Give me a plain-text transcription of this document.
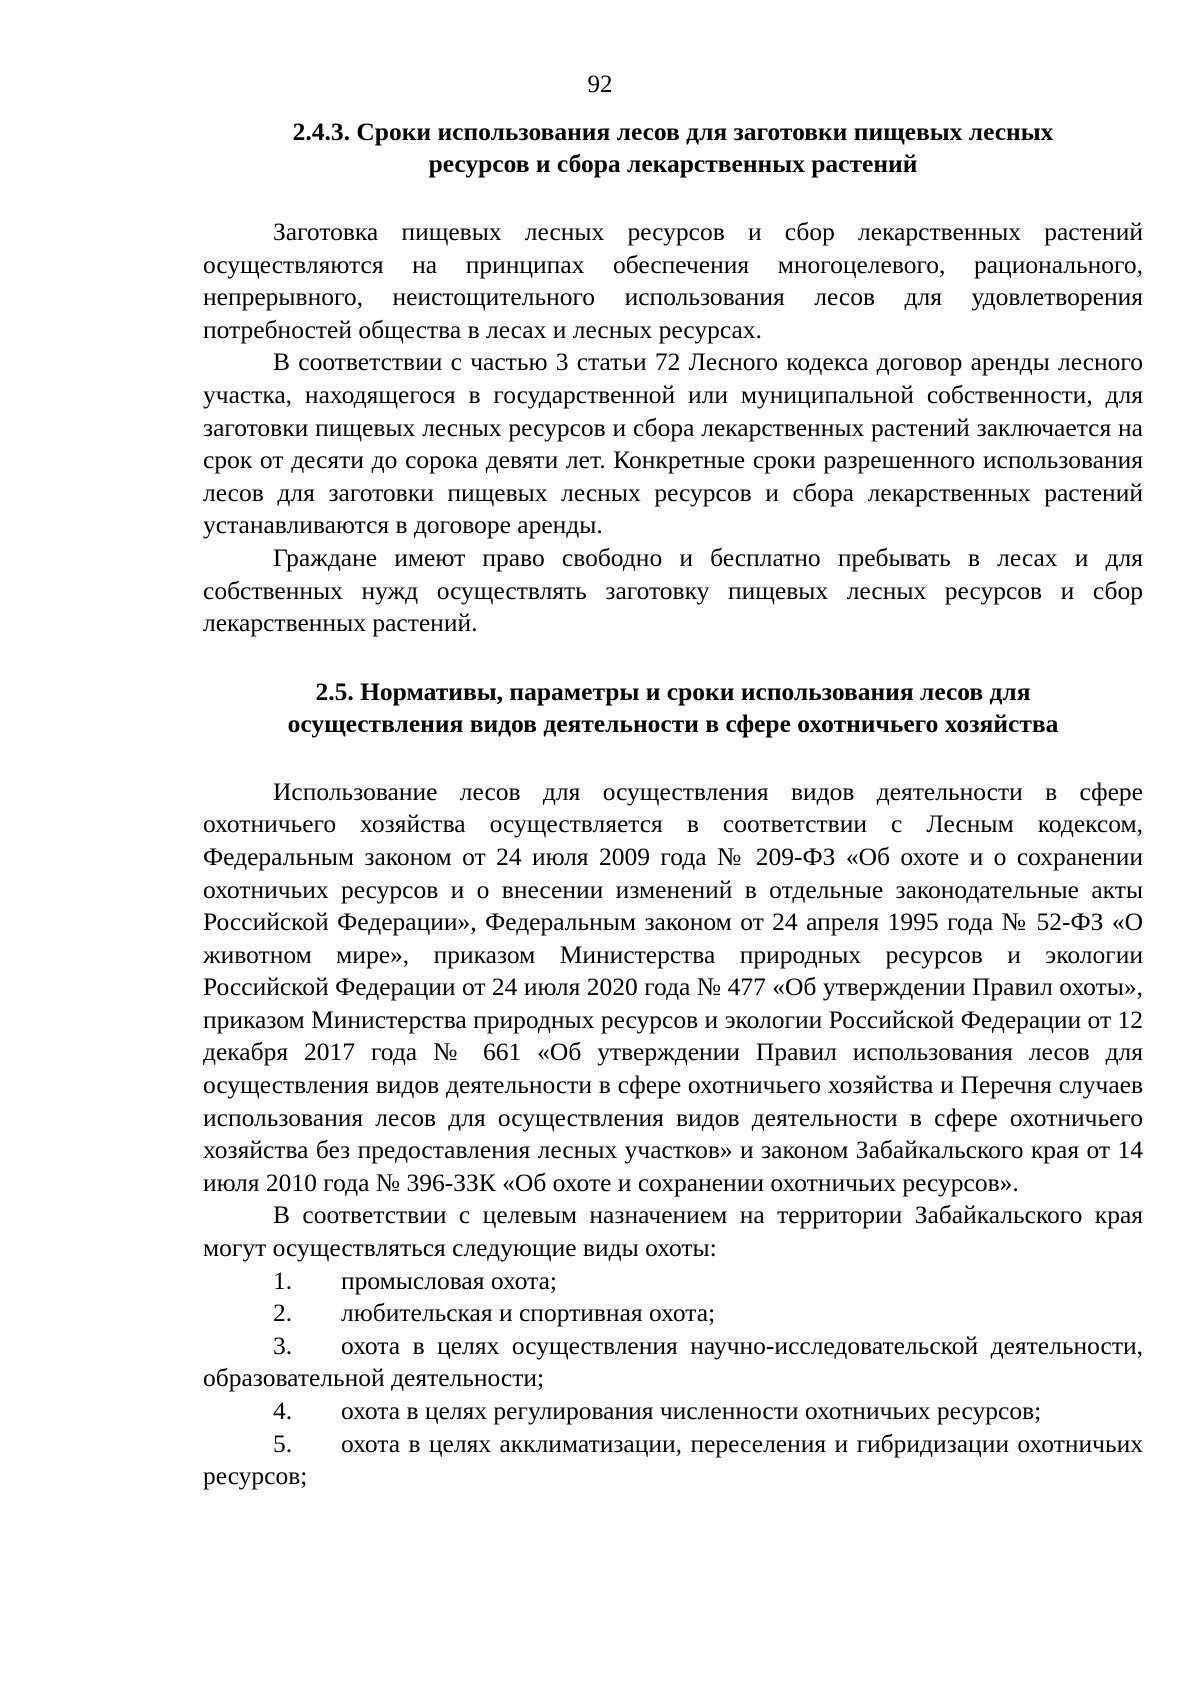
92
2.4.3. Сроки использования лесов для заготовки пищевых лесных
ресурсов и сбора лекарственных растений

Заготовка пищевых лесных ресурсов и сбор лекарственных растений осуществляются на принципах обеспечения многоцелевого, рационального, непрерывного, неистощительного использования лесов для удовлетворения потребностей общества в лесах и лесных ресурсах.

В соответствии с частью 3 статьи 72 Лесного кодекса договор аренды лесного участка, находящегося в государственной или муниципальной собственности, для заготовки пищевых лесных ресурсов и сбора лекарственных растений заключается на срок от десяти до сорока девяти лет. Конкретные сроки разрешенного использования лесов для заготовки пищевых лесных ресурсов и сбора лекарственных растений устанавливаются в договоре аренды.

Граждане имеют право свободно и бесплатно пребывать в лесах и для собственных нужд осуществлять заготовку пищевых лесных ресурсов и сбор лекарственных растений.

2.5. Нормативы, параметры и сроки использования лесов для
осуществления видов деятельности в сфере охотничьего хозяйства

Использование лесов для осуществления видов деятельности в сфере охотничьего хозяйства осуществляется в соответствии с Лесным кодексом, Федеральным законом от 24 июля 2009 года № 209-ФЗ «Об охоте и о сохранении охотничьих ресурсов и о внесении изменений в отдельные законодательные акты Российской Федерации», Федеральным законом от 24 апреля 1995 года № 52-ФЗ «О животном мире», приказом Министерства природных ресурсов и экологии Российской Федерации от 24 июля 2020 года № 477 «Об утверждении Правил охоты», приказом Министерства природных ресурсов и экологии Российской Федерации от 12 декабря 2017 года № 661 «Об утверждении Правил использования лесов для осуществления видов деятельности в сфере охотничьего хозяйства и Перечня случаев использования лесов для осуществления видов деятельности в сфере охотничьего хозяйства без предоставления лесных участков» и законом Забайкальского края от 14 июля 2010 года № 396-ЗЗК «Об охоте и сохранении охотничьих ресурсов».

В соответствии с целевым назначением на территории Забайкальского края могут осуществляться следующие виды охоты:

1. промысловая охота;

2. любительская и спортивная охота;

3. охота в целях осуществления научно-исследовательской деятельности, образовательной деятельности;

4. охота в целях регулирования численности охотничьих ресурсов;

5. охота в целях акклиматизации, переселения и гибридизации охотничьих ресурсов;
